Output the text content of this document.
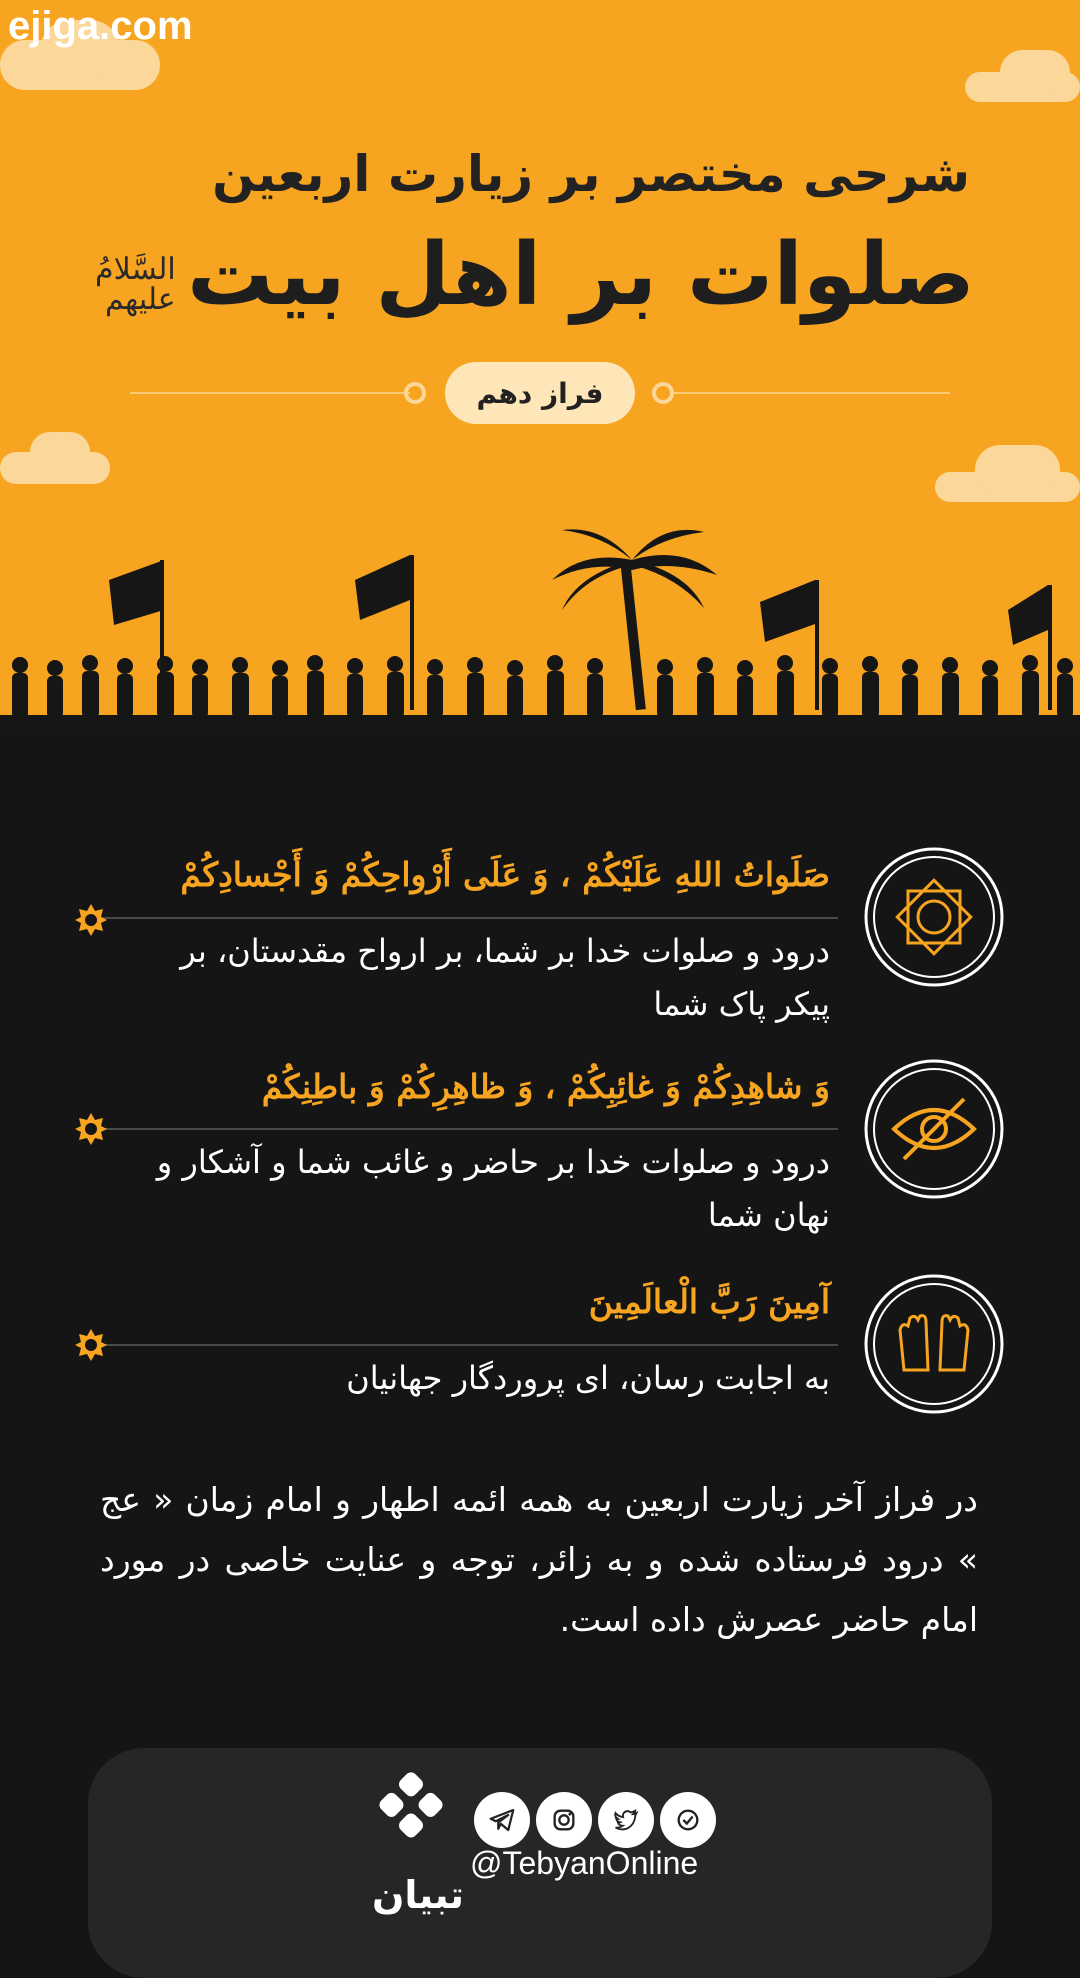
ejiga.com
شرحی مختصر بر زیارت اربعین
صلوات بر اهل بیت
السَّلامُ
علیهم
فراز دهم
صَلَواتُ اللهِ عَلَيْكُمْ ، وَ عَلَى أَرْواحِكُمْ وَ أَجْسادِكُمْ
درود و صلوات خدا بر شما، بر ارواح مقدستان، بر پیکر پاک شما
وَ شاهِدِكُمْ وَ غائِبِكُمْ ، وَ ظاهِرِكُمْ وَ باطِنِكُمْ
درود و صلوات خدا بر حاضر و غائب شما و آشکار و نهان شما
آمِينَ رَبَّ الْعالَمِينَ
به اجابت رسان، ای پروردگار جهانیان
در فراز آخر زیارت اربعین به همه ائمه اطهار و امام زمان « عج » درود فرستاده شده و به زائر، توجه و عنایت خاصی در مورد امام حاضر عصرش داده است.
تبیان
@TebyanOnline
